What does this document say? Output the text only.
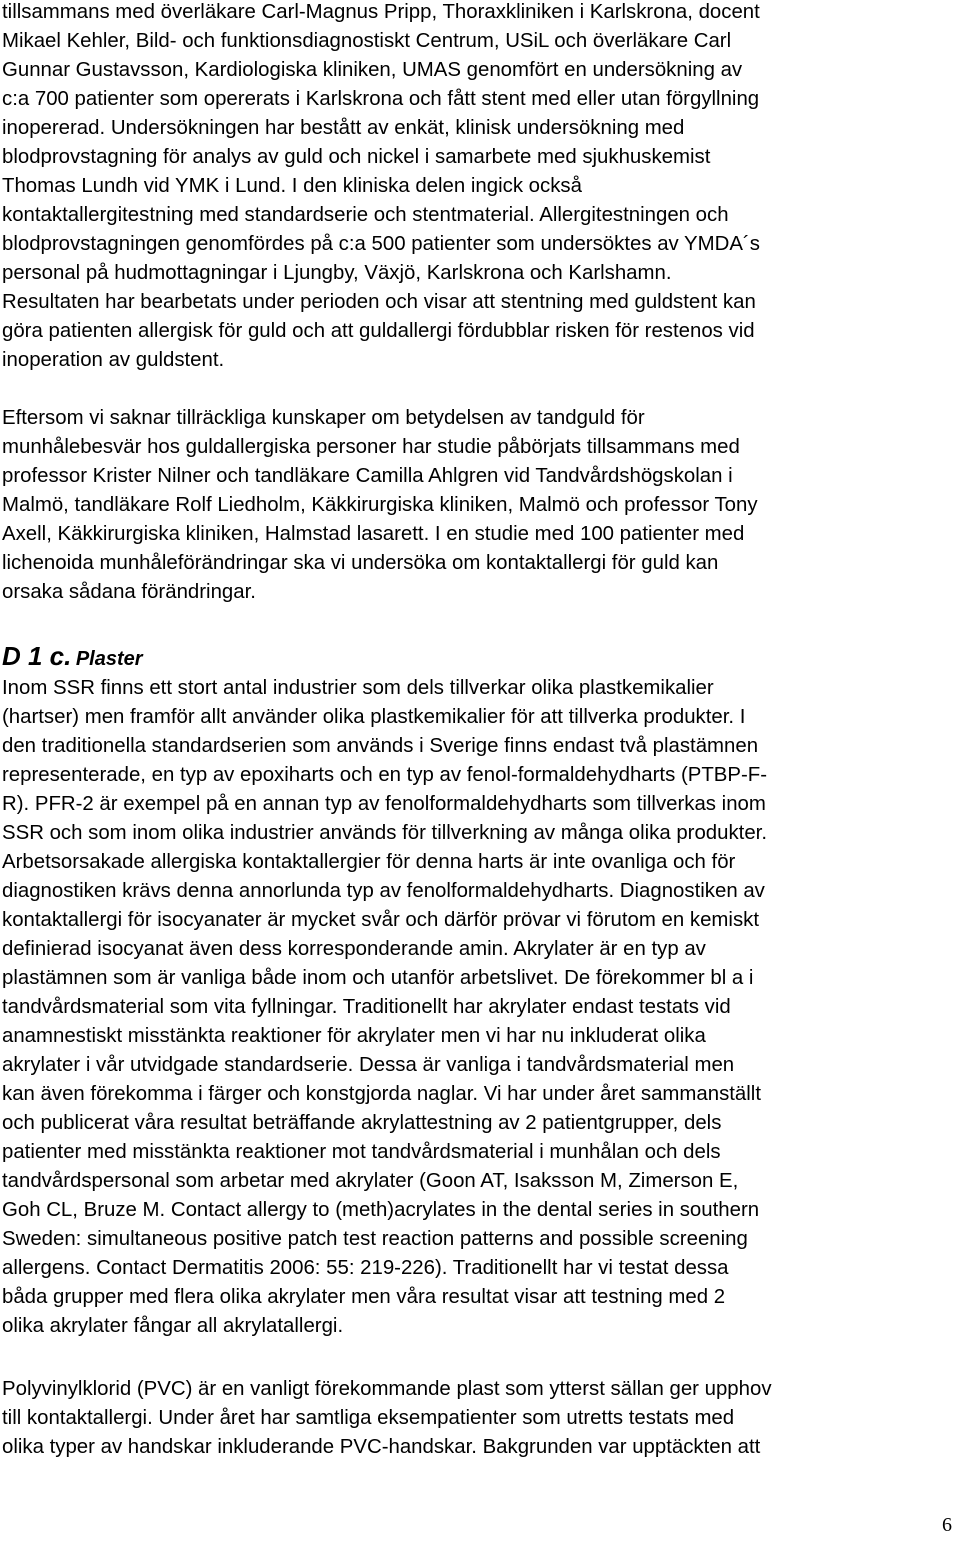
tillsammans med överläkare Carl-Magnus Pripp, Thoraxkliniken i Karlskrona, docent
Mikael Kehler, Bild- och funktionsdiagnostiskt Centrum, USiL och överläkare Carl
Gunnar Gustavsson, Kardiologiska kliniken, UMAS genomfört en undersökning av
c:a 700 patienter som opererats i Karlskrona och fått stent med eller utan förgyllning
inopererad. Undersökningen har bestått av enkät, klinisk undersökning med
blodprovstagning för analys av guld och nickel i samarbete med sjukhuskemist
Thomas Lundh vid YMK i Lund. I den kliniska delen ingick också
kontaktallergitestning med standardserie och stentmaterial. Allergitestningen och
blodprovstagningen genomfördes på c:a 500 patienter som undersöktes av YMDA´s
personal på hudmottagningar i Ljungby, Växjö, Karlskrona och Karlshamn.
Resultaten har bearbetats under perioden och visar att stentning med guldstent kan
göra patienten allergisk för guld och att guldallergi fördubblar risken för restenos vid
inoperation av guldstent.

Eftersom vi saknar tillräckliga kunskaper om betydelsen av tandguld för
munhålebesvär hos guldallergiska personer har studie påbörjats tillsammans med
professor Krister Nilner och tandläkare Camilla Ahlgren vid Tandvårdshögskolan i
Malmö, tandläkare Rolf Liedholm, Käkkirurgiska kliniken, Malmö och professor Tony
Axell, Käkkirurgiska kliniken, Halmstad lasarett. I en studie med 100 patienter med
lichenoida munhåleförändringar ska vi undersöka om kontaktallergi för guld kan
orsaka sådana förändringar.

D 1 c. Plaster

Inom SSR finns ett stort antal industrier som dels tillverkar olika plastkemikalier
(hartser) men framför allt använder olika plastkemikalier för att tillverka produkter. I
den traditionella standardserien som används i Sverige finns endast två plastämnen
representerade, en typ av epoxiharts och en typ av fenol-formaldehydharts (PTBP-F-
R). PFR-2 är exempel på en annan typ av fenolformaldehydharts som tillverkas inom
SSR och som inom olika industrier används för tillverkning av många olika produkter.
Arbetsorsakade allergiska kontaktallergier för denna harts är inte ovanliga och för
diagnostiken krävs denna annorlunda typ av fenolformaldehydharts. Diagnostiken av
kontaktallergi för isocyanater är mycket svår och därför prövar vi förutom en kemiskt
definierad isocyanat även dess korresponderande amin. Akrylater är en typ av
plastämnen som är vanliga både inom och utanför arbetslivet. De förekommer bl a i
tandvårdsmaterial som vita fyllningar. Traditionellt har akrylater endast testats vid
anamnestiskt misstänkta reaktioner för akrylater men vi har nu inkluderat olika
akrylater i vår utvidgade standardserie. Dessa är vanliga i tandvårdsmaterial men
kan även förekomma i färger och konstgjorda naglar. Vi har under året sammanställt
och publicerat våra resultat beträffande akrylattestning av 2 patientgrupper, dels
patienter med misstänkta reaktioner mot tandvårdsmaterial i munhålan och dels
tandvårdspersonal som arbetar med akrylater (Goon AT, Isaksson M, Zimerson E,
Goh CL, Bruze M. Contact allergy to (meth)acrylates in the dental series in southern
Sweden: simultaneous positive patch test reaction patterns and possible screening
allergens. Contact Dermatitis 2006: 55: 219-226). Traditionellt har vi testat dessa
båda grupper med flera olika akrylater men våra resultat visar att testning med 2
olika akrylater fångar all akrylatallergi.

Polyvinylklorid (PVC) är en vanligt förekommande plast som ytterst sällan ger upphov
till kontaktallergi. Under året har samtliga eksempatienter som utretts testats med
olika typer av handskar inkluderande PVC-handskar. Bakgrunden var upptäckten att

6
